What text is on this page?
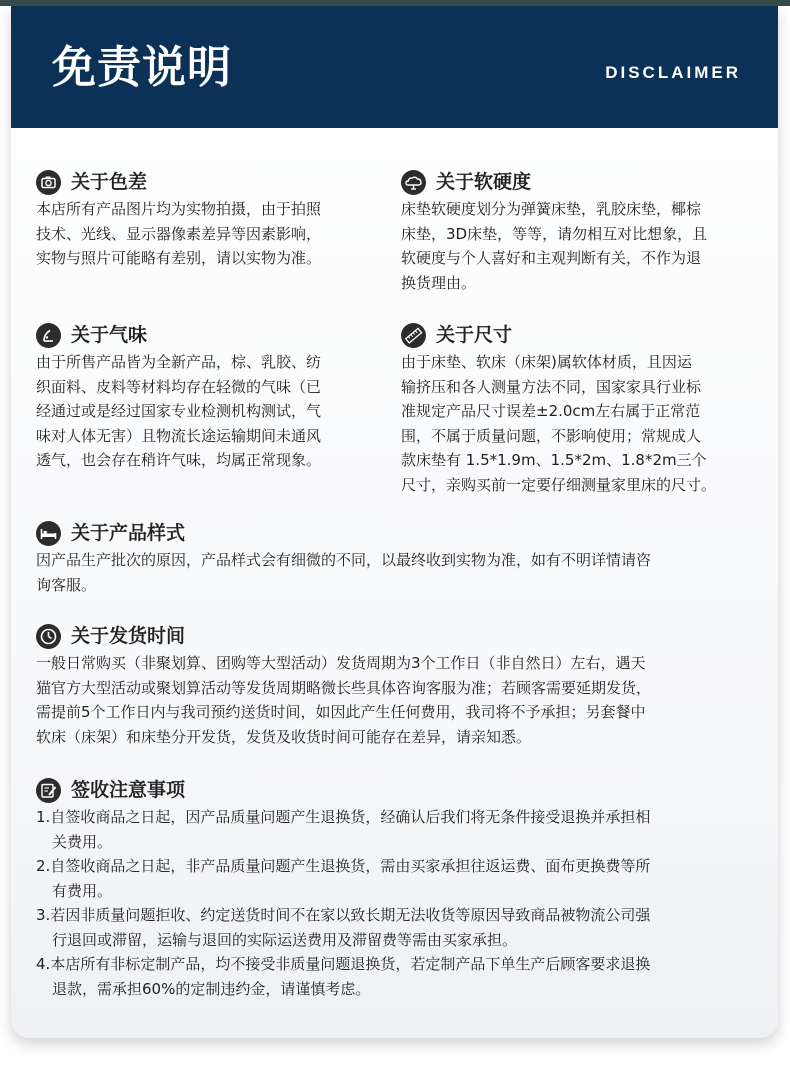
免责说明	DISCLAIMER
关于色差
本店所有产品图片均为实物拍摄，由于拍照
技术、光线、显示器像素差异等因素影响，
实物与照片可能略有差别，请以实物为准。
关于软硬度
床垫软硬度划分为弹簧床垫，乳胶床垫，椰棕
床垫，3D床垫，等等，请勿相互对比想象，且
软硬度与个人喜好和主观判断有关，不作为退
换货理由。
关于气味
由于所售产品皆为全新产品，棕、乳胶、纺
织面料、皮料等材料均存在轻微的气味（已
经通过或是经过国家专业检测机构测试，气
味对人体无害）且物流长途运输期间未通风
透气，也会存在稍许气味，均属正常现象。
关于尺寸
由于床垫、软床（床架)属软体材质，且因运
输挤压和各人测量方法不同，国家家具行业标
准规定产品尺寸误差±2.0cm左右属于正常范
围，不属于质量问题，不影响使用；常规成人
款床垫有 1.5*1.9m、1.5*2m、1.8*2m三个
尺寸，亲购买前一定要仔细测量家里床的尺寸。
关于产品样式
因产品生产批次的原因，产品样式会有细微的不同，以最终收到实物为准，如有不明详情请咨
询客服。
关于发货时间
一般日常购买（非聚划算、团购等大型活动）发货周期为3个工作日（非自然日）左右，遇天
猫官方大型活动或聚划算活动等发货周期略微长些具体咨询客服为准；若顾客需要延期发货，
需提前5个工作日内与我司预约送货时间，如因此产生任何费用，我司将不予承担；另套餐中
软床（床架）和床垫分开发货，发货及收货时间可能存在差异，请亲知悉。
签收注意事项
1.自签收商品之日起，因产品质量问题产生退换货，经确认后我们将无条件接受退换并承担相
关费用。
2.自签收商品之日起，非产品质量问题产生退换货，需由买家承担往返运费、面布更换费等所
有费用。
3.若因非质量问题拒收、约定送货时间不在家以致长期无法收货等原因导致商品被物流公司强
行退回或滞留，运输与退回的实际运送费用及滞留费等需由买家承担。
4.本店所有非标定制产品，均不接受非质量问题退换货，若定制产品下单生产后顾客要求退换
退款，需承担60%的定制违约金，请谨慎考虑。
